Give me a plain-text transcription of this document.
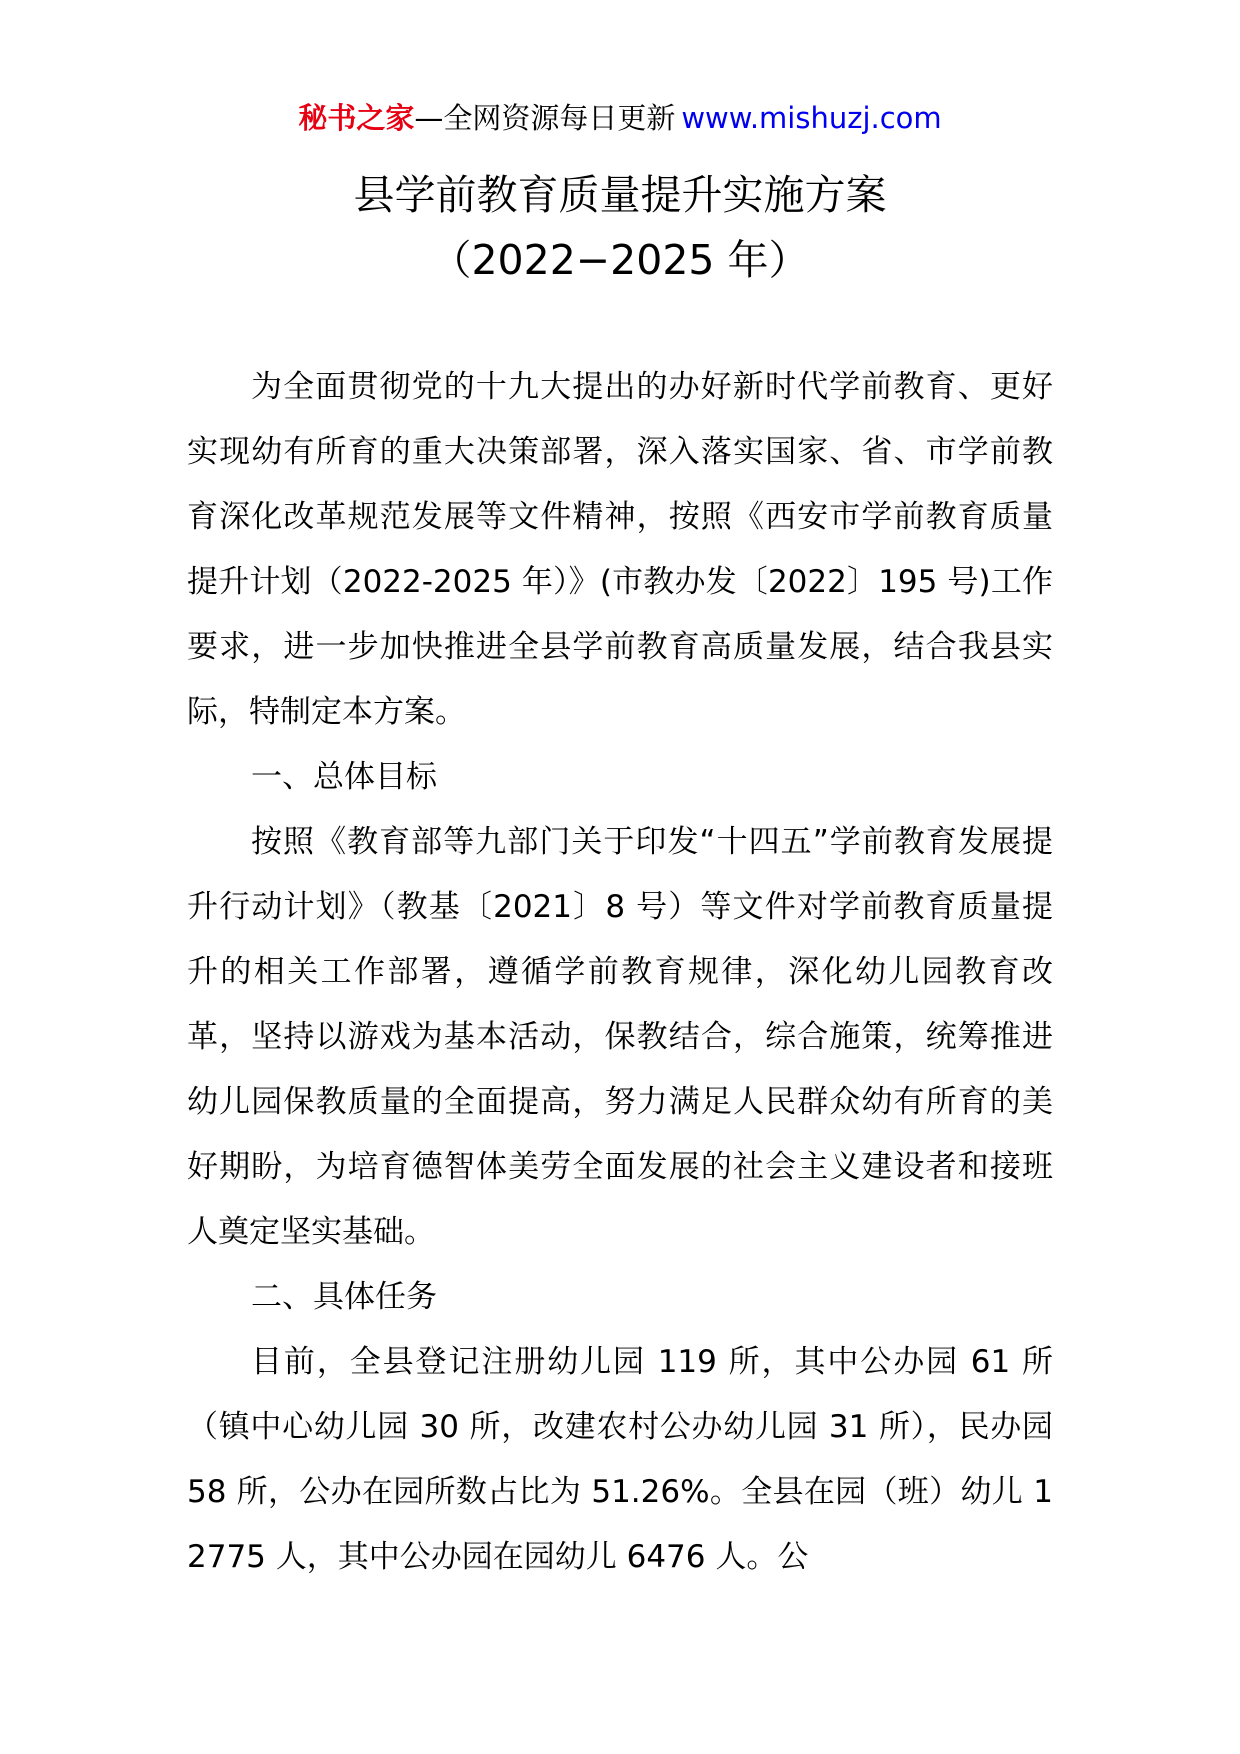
秘书之家—全网资源每日更新 www.mishuzj.com
县学前教育质量提升实施方案
（2022−2025 年）

为全面贯彻党的十九大提出的办好新时代学前教育、更好实现幼有所育的重大决策部署，深入落实国家、省、市学前教育深化改革规范发展等文件精神，按照《西安市学前教育质量提升计划（2022-2025 年）》(市教办发〔2022〕195 号)工作要求，进一步加快推进全县学前教育高质量发展，结合我县实际，特制定本方案。

一、总体目标

按照《教育部等九部门关于印发“十四五”学前教育发展提升行动计划》（教基〔2021〕8 号）等文件对学前教育质量提升的相关工作部署，遵循学前教育规律，深化幼儿园教育改革，坚持以游戏为基本活动，保教结合，综合施策，统筹推进幼儿园保教质量的全面提高，努力满足人民群众幼有所育的美好期盼，为培育德智体美劳全面发展的社会主义建设者和接班人奠定坚实基础。

二、具体任务

目前，全县登记注册幼儿园 119 所，其中公办园 61 所（镇中心幼儿园 30 所，改建农村公办幼儿园 31 所），民办园 58 所，公办在园所数占比为 51.26%。全县在园（班）幼儿 12775 人，其中公办园在园幼儿 6476 人。公
